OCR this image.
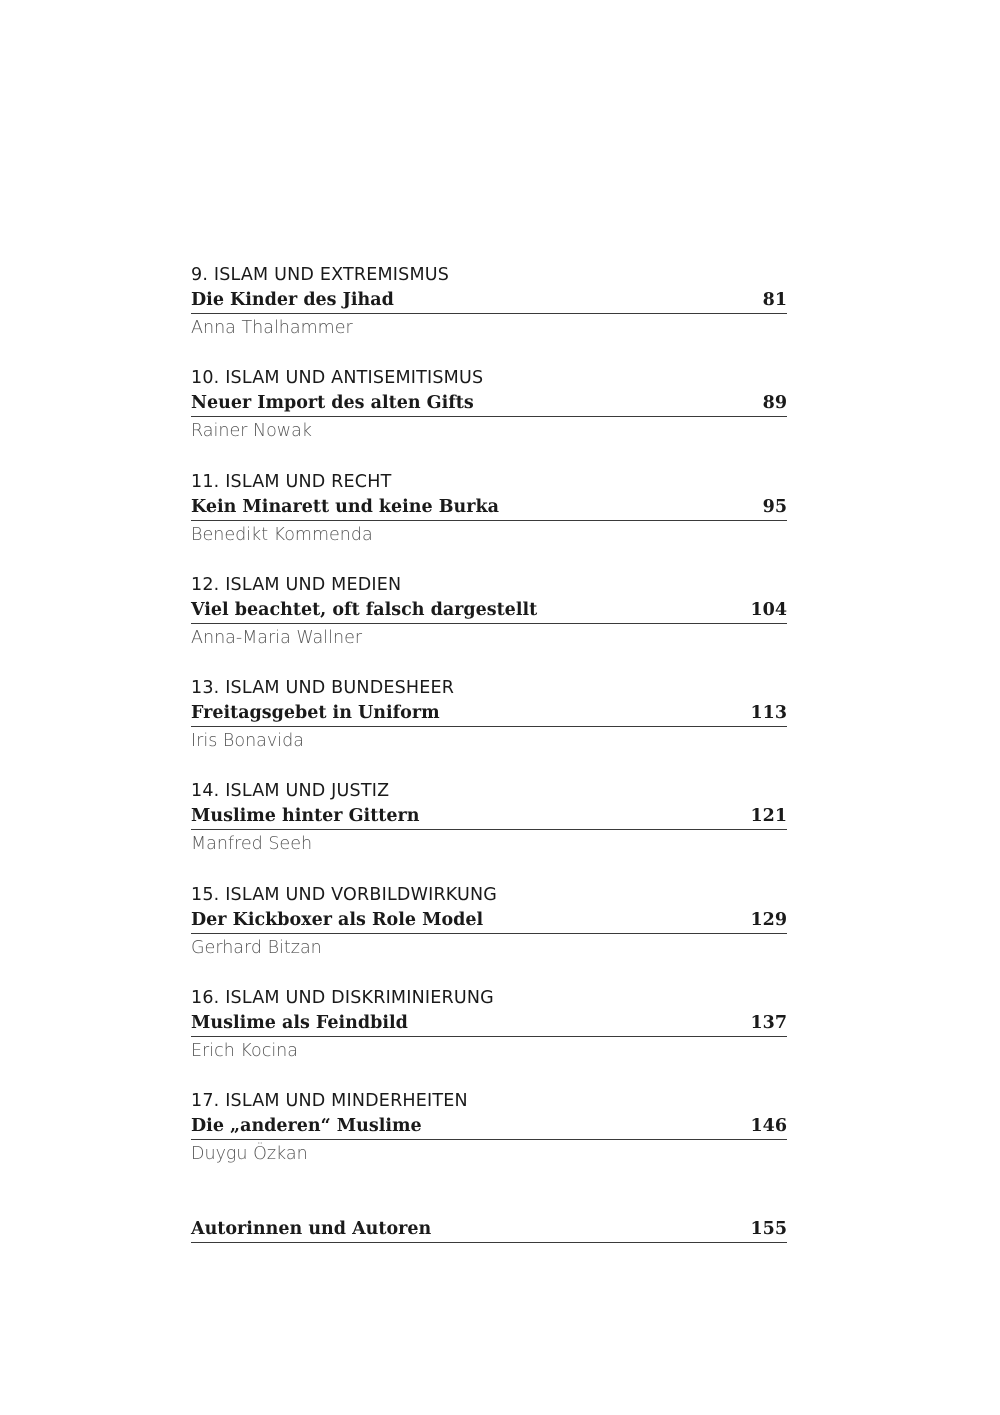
9. ISLAM UND EXTREMISMUS
Die Kinder des Jihad	81
Anna Thalhammer
10. ISLAM UND ANTISEMITISMUS
Neuer Import des alten Gifts	89
Rainer Nowak
11. ISLAM UND RECHT
Kein Minarett und keine Burka	95
Benedikt Kommenda
12. ISLAM UND MEDIEN
Viel beachtet, oft falsch dargestellt	104
Anna-Maria Wallner
13. ISLAM UND BUNDESHEER
Freitagsgebet in Uniform	113
Iris Bonavida
14. ISLAM UND JUSTIZ
Muslime hinter Gittern	121
Manfred Seeh
15. ISLAM UND VORBILDWIRKUNG
Der Kickboxer als Role Model	129
Gerhard Bitzan
16. ISLAM UND DISKRIMINIERUNG
Muslime als Feindbild	137
Erich Kocina
17. ISLAM UND MINDERHEITEN
Die „anderen“ Muslime	146
Duygu Özkan
Autorinnen und Autoren	155
